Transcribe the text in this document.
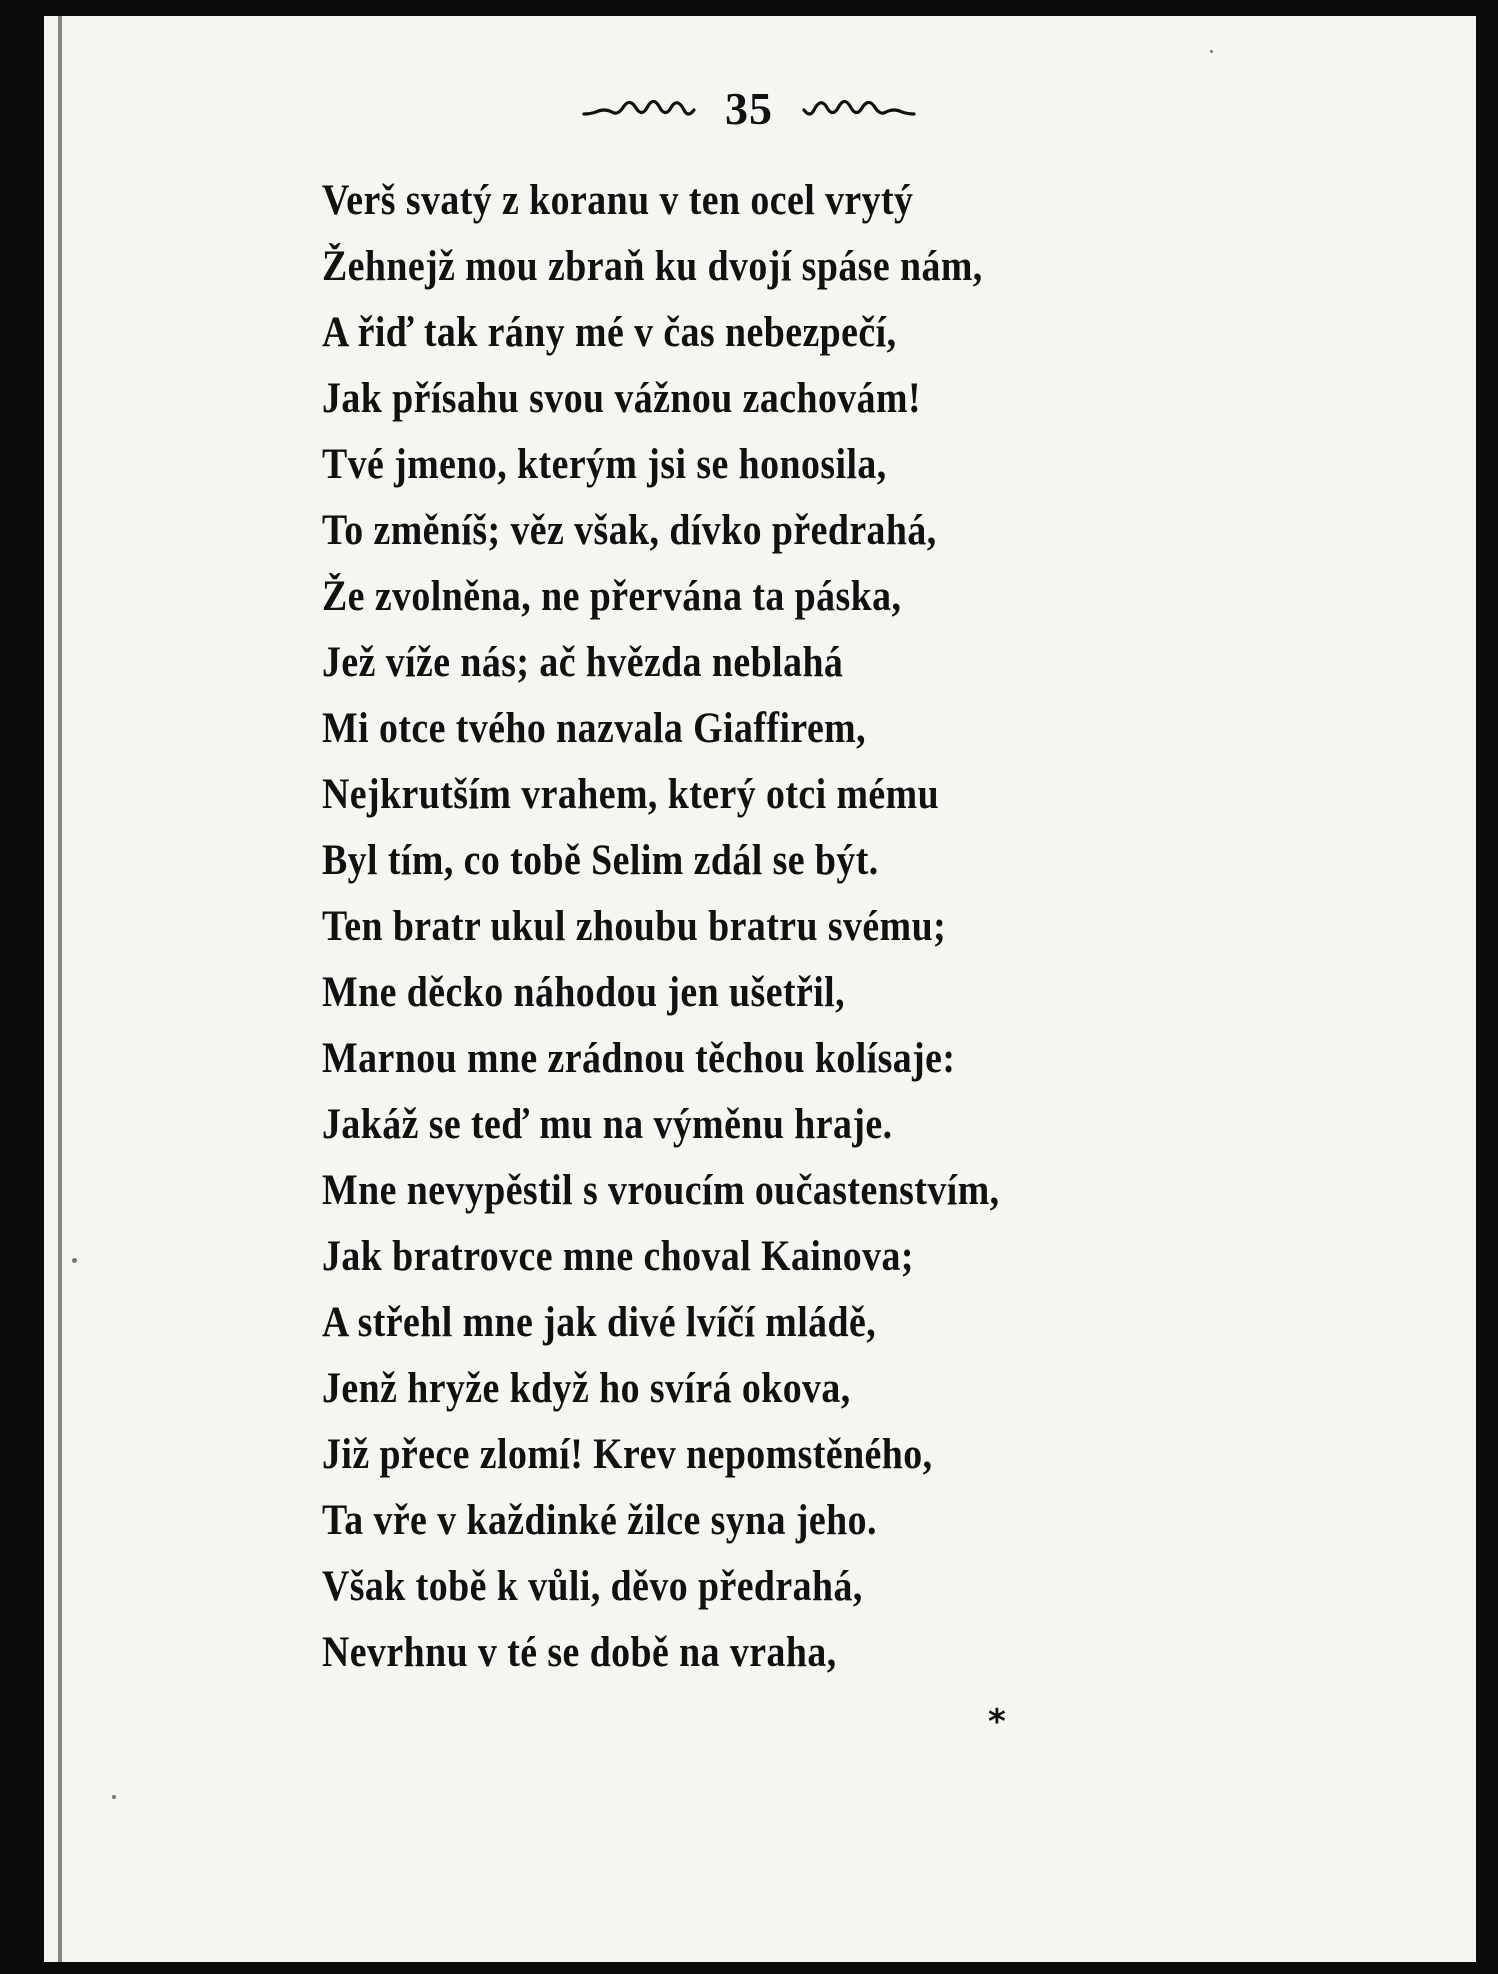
35
Verš svatý z koranu v ten ocel vrytý
Žehnejž mou zbraň ku dvojí spáse nám,
A řiď tak rány mé v čas nebezpečí,
Jak přísahu svou vážnou zachovám!
Tvé jmeno, kterým jsi se honosila,
To změníš; věz však, dívko předrahá,
Že zvolněna, ne přervána ta páska,
Jež víže nás; ač hvězda neblahá
Mi otce tvého nazvala Giaffirem,
Nejkrutším vrahem, který otci mému
Byl tím, co tobě Selim zdál se být.
Ten bratr ukul zhoubu bratru svému;
Mne děcko náhodou jen ušetřil,
Marnou mne zrádnou těchou kolísaje:
Jakáž se teď mu na výměnu hraje.
Mne nevypěstil s vroucím oučastenstvím,
Jak bratrovce mne choval Kainova;
A střehl mne jak divé lvíčí mládě,
Jenž hryže když ho svírá okova,
Již přece zlomí! Krev nepomstěného,
Ta vře v každinké žilce syna jeho.
Však tobě k vůli, děvo předrahá,
Nevrhnu v té se době na vraha,
*
